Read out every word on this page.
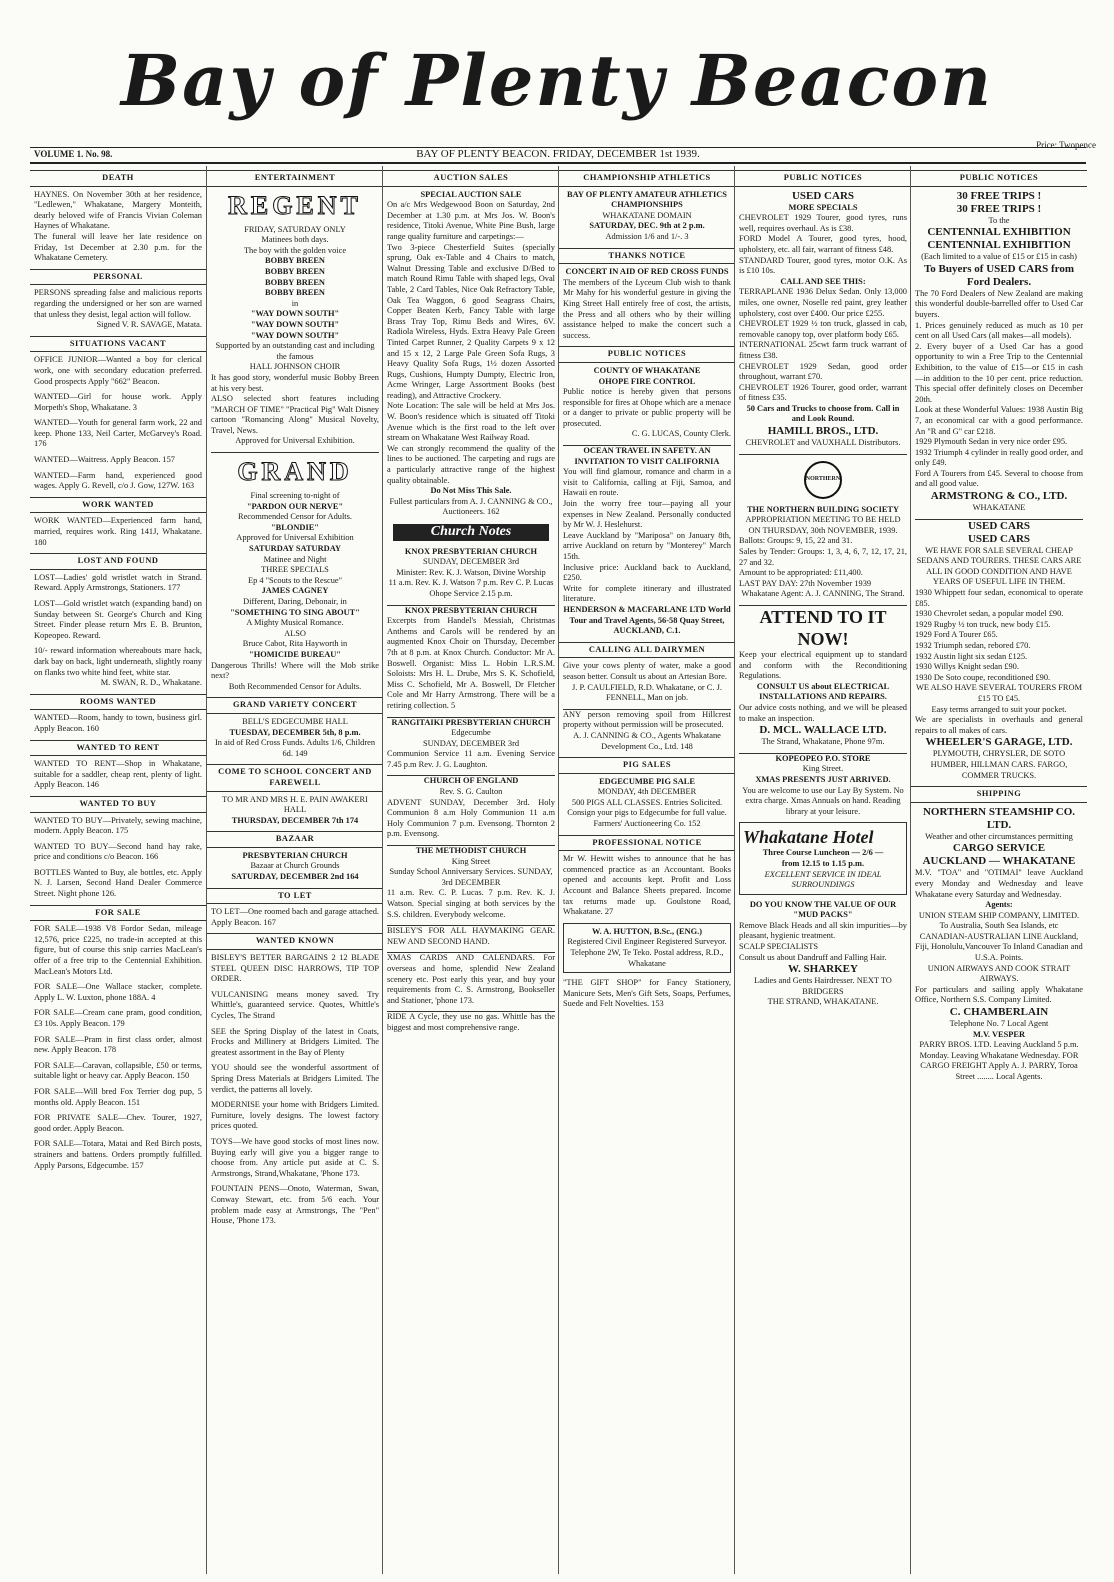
Bay of Plenty Beacon
Price: Twopence
VOLUME 1. No. 98.	BAY OF PLENTY BEACON. FRIDAY, DECEMBER 1st 1939.
DEATH

HAYNES. On November 30th at her residence, "Ledlewen," Whakatane, Margery Monteith, dearly beloved wife of Francis Vivian Coleman Haynes of Whakatane.

The funeral will leave her late residence on Friday, 1st December at 2.30 p.m. for the Whakatane Cemetery.

PERSONAL

PERSONS spreading false and malicious reports regarding the undersigned or her son are warned that unless they desist, legal action will follow.

Signed V. R. SAVAGE, Matata.

SITUATIONS VACANT

OFFICE JUNIOR—Wanted a boy for clerical work, one with secondary education preferred. Good prospects Apply "662" Beacon.

WANTED—Girl for house work. Apply Morpeth's Shop, Whakatane. 3

WANTED—Youth for general farm work, 22 and keep. Phone 133, Neil Carter, McGarvey's Road. 176

WANTED—Waitress. Apply Beacon. 157

WANTED—Farm hand, experienced good wages. Apply G. Revell, c/o J. Gow, 127W. 163

WORK WANTED

WORK WANTED—Experienced farm hand, married, requires work. Ring 141J, Whakatane. 180

LOST AND FOUND

LOST—Ladies' gold wristlet watch in Strand. Reward. Apply Armstrongs, Stationers. 177

LOST—Gold wristlet watch (expanding band) on Sunday between St. George's Church and King Street. Finder please return Mrs E. B. Brunton, Kopeopeo. Reward.

10/- reward information whereabouts mare hack, dark bay on back, light underneath, slightly roany on flanks two white hind feet, white star.

M. SWAN, R. D., Whakatane.

ROOMS WANTED

WANTED—Room, handy to town, business girl. Apply Beacon. 160

WANTED TO RENT

WANTED TO RENT—Shop in Whakatane, suitable for a saddler, cheap rent, plenty of light. Apply Beacon. 146

WANTED TO BUY

WANTED TO BUY—Privately, sewing machine, modern. Apply Beacon. 175

WANTED TO BUY—Second hand hay rake, price and conditions c/o Beacon. 166

BOTTLES Wanted to Buy, ale bottles, etc. Apply N. J. Larsen, Second Hand Dealer Commerce Street. Night phone 126.

FOR SALE

FOR SALE—1938 V8 Fordor Sedan, mileage 12,576, price £225, no trade-in accepted at this figure, but of course this snip carries MacLean's offer of a free trip to the Centennial Exhibition. MacLean's Motors Ltd.

FOR SALE—One Wallace stacker, complete. Apply L. W. Luxton, phone 188A. 4

FOR SALE—Cream cane pram, good condition, £3 10s. Apply Beacon. 179

FOR SALE—Pram in first class order, almost new. Apply Beacon. 178

FOR SALE—Caravan, collapsible, £50 or terms, suitable light or heavy car. Apply Beacon. 150

FOR SALE—Will bred Fox Terrier dog pup, 5 months old. Apply Beacon. 151

FOR PRIVATE SALE—Chev. Tourer, 1927, good order. Apply Beacon.

FOR SALE—Totara, Matai and Red Birch posts, strainers and battens. Orders promptly fulfilled. Apply Parsons, Edgecumbe. 157

ENTERTAINMENT
REGENT

FRIDAY, SATURDAY ONLY

Matinees both days.

The boy with the golden voice

BOBBY BREEN

BOBBY BREEN

BOBBY BREEN

BOBBY BREEN

in

"WAY DOWN SOUTH"

"WAY DOWN SOUTH"

"WAY DOWN SOUTH"

Supported by an outstanding cast and including the famous

HALL JOHNSON CHOIR

It has good story, wonderful music Bobby Breen at his very best.

ALSO selected short features including "MARCH OF TIME" "Practical Pig" Walt Disney cartoon "Romancing Along" Musical Novelty, Travel, News.

Approved for Universal Exhibition.

GRAND

Final screening to-night of

"PARDON OUR NERVE"

Recommended Censor for Adults.

"BLONDIE"

Approved for Universal Exhibition

SATURDAY SATURDAY

Matinee and Night

THREE SPECIALS

Ep 4 "Scouts to the Rescue"

JAMES CAGNEY

Different, Daring, Debonair, in

"SOMETHING TO SING ABOUT"

A Mighty Musical Romance.

ALSO

Bruce Cabot, Rita Hayworth in

"HOMICIDE BUREAU"

Dangerous Thrills! Where will the Mob strike next?

Both Recommended Censor for Adults.

GRAND VARIETY CONCERT

BELL'S EDGECUMBE HALL

TUESDAY, DECEMBER 5th, 8 p.m.

In aid of Red Cross Funds. Adults 1/6, Children 6d. 149

COME TO SCHOOL CONCERT AND FAREWELL

TO MR AND MRS H. E. PAIN AWAKERI HALL

THURSDAY, DECEMBER 7th 174

BAZAAR

PRESBYTERIAN CHURCH

Bazaar at Church Grounds

SATURDAY, DECEMBER 2nd 164

TO LET

TO LET—One roomed bach and garage attached. Apply Beacon. 167

WANTED KNOWN

BISLEY'S BETTER BARGAINS 2 12 BLADE STEEL QUEEN DISC HARROWS, TIP TOP ORDER.

VULCANISING means money saved. Try Whittle's, guaranteed service. Quotes, Whittle's Cycles, The Strand

SEE the Spring Display of the latest in Coats, Frocks and Millinery at Bridgers Limited. The greatest assortment in the Bay of Plenty

YOU should see the wonderful assortment of Spring Dress Materials at Bridgers Limited. The verdict, the patterns all lovely.

MODERNISE your home with Bridgers Limited. Furniture, lovely designs. The lowest factory prices quoted.

TOYS—We have good stocks of most lines now. Buying early will give you a bigger range to choose from. Any article put aside at C. S. Armstrongs, Strand,Whakatane, 'Phone 173.

FOUNTAIN PENS—Onoto, Waterman, Swan, Conway Stewart, etc. from 5/6 each. Your problem made easy at Armstrongs, The "Pen" House, 'Phone 173.

AUCTION SALES

SPECIAL AUCTION SALE

On a/c Mrs Wedgewood Boon on Saturday, 2nd December at 1.30 p.m. at Mrs Jos. W. Boon's residence, Titoki Avenue, White Pine Bush, large range quality furniture and carpetings:—

Two 3-piece Chesterfield Suites (specially sprung, Oak ex-Table and 4 Chairs to match, Walnut Dressing Table and exclusive D/Bed to match Round Rimu Table with shaped legs, Oval Table, 2 Card Tables, Nice Oak Refractory Table, Oak Tea Waggon, 6 good Seagrass Chairs, Copper Beaten Kerb, Fancy Table with large Brass Tray Top, Rimu Beds and Wires, 6V. Radiola Wireless, Hyds. Extra Heavy Pale Green Tinted Carpet Runner, 2 Quality Carpets 9 x 12 and 15 x 12, 2 Large Pale Green Sofa Rugs, 3 Heavy Quality Sofa Rugs, 1½ dozen Assorted Rugs, Cushions, Humpty Dumpty, Electric Iron, Acme Wringer, Large Assortment Books (best reading), and Attractive Crockery.

Note Location: The sale will be held at Mrs Jos. W. Boon's residence which is situated off Titoki Avenue which is the first road to the left over stream on Whakatane West Railway Road.

We can strongly recommend the quality of the lines to be auctioned. The carpeting and rugs are a particularly attractive range of the highest quality obtainable.

Do Not Miss This Sale.

Fullest particulars from A. J. CANNING & CO., Auctioneers. 162

Church Notes

KNOX PRESBYTERIAN CHURCH

SUNDAY, DECEMBER 3rd

Minister: Rev. K. J. Watson, Divine Worship

11 a.m. Rev. K. J. Watson 7 p.m. Rev C. P. Lucas Ohope Service 2.15 p.m.

KNOX PRESBYTERIAN CHURCH

Excerpts from Handel's Messiah, Christmas Anthems and Carols will be rendered by an augmented Knox Choir on Thursday, December 7th at 8 p.m. at Knox Church. Conductor: Mr A. Boswell. Organist: Miss L. Hobin L.R.S.M. Soloists: Mrs H. L. Drube, Mrs S. K. Schofield, Miss C. Schofield, Mr A. Boswell, Dr Fletcher Cole and Mr Harry Armstrong. There will be a retiring collection. 5

RANGITAIKI PRESBYTERIAN CHURCH

Edgecumbe

SUNDAY, DECEMBER 3rd

Communion Service 11 a.m. Evening Service 7.45 p.m Rev. J. G. Laughton.

CHURCH OF ENGLAND

Rev. S. G. Caulton

ADVENT SUNDAY, December 3rd. Holy Communion 8 a.m Holy Communion 11 a.m Holy Communion 7 p.m. Evensong. Thornton 2 p.m. Evensong.

THE METHODIST CHURCH

King Street

Sunday School Anniversary Services. SUNDAY, 3rd DECEMBER

11 a.m. Rev. C. P. Lucas. 7 p.m. Rev. K. J. Watson. Special singing at both services by the S.S. children. Everybody welcome.

BISLEY'S FOR ALL HAYMAKING GEAR. NEW AND SECOND HAND.

XMAS CARDS AND CALENDARS. For overseas and home, splendid New Zealand scenery etc. Post early this year, and buy your requirements from C. S. Armstrong, Bookseller and Stationer, 'phone 173.

RIDE A Cycle, they use no gas. Whittle has the biggest and most comprehensive range.

CHAMPIONSHIP ATHLETICS

BAY OF PLENTY AMATEUR ATHLETICS CHAMPIONSHIPS

WHAKATANE DOMAIN

SATURDAY, DEC. 9th at 2 p.m.

Admission 1/6 and 1/-. 3

THANKS NOTICE

CONCERT IN AID OF RED CROSS FUNDS

The members of the Lyceum Club wish to thank Mr Mahy for his wonderful gesture in giving the King Street Hall entirely free of cost, the artists, the Press and all others who by their willing assistance helped to make the concert such a success.

PUBLIC NOTICES

COUNTY OF WHAKATANE

OHOPE FIRE CONTROL

Public notice is hereby given that persons responsible for fires at Ohope which are a menace or a danger to private or public property will be prosecuted.

C. G. LUCAS, County Clerk.

OCEAN TRAVEL IN SAFETY. AN INVITATION TO VISIT CALIFORNIA

You will find glamour, romance and charm in a visit to California, calling at Fiji, Samoa, and Hawaii en route.

Join the worry free tour—paying all your expenses in New Zealand. Personally conducted by Mr W. J. Heslehurst.

Leave Auckland by "Mariposa" on January 8th, arrive Auckland on return by "Monterey" March 15th.

Inclusive price: Auckland back to Auckland, £250.

Write for complete itinerary and illustrated literature.

HENDERSON & MACFARLANE LTD World Tour and Travel Agents, 56-58 Quay Street, AUCKLAND, C.1.

CALLING ALL DAIRYMEN

Give your cows plenty of water, make a good season better. Consult us about an Artesian Bore.

J. P. CAULFIELD, R.D. Whakatane, or C. J. FENNELL, Man on job.

ANY person removing spoil from Hillcrest property without permission will be prosecuted.

A. J. CANNING & CO., Agents Whakatane Development Co., Ltd. 148

PIG SALES

EDGECUMBE PIG SALE

MONDAY, 4th DECEMBER

500 PIGS ALL CLASSES. Entries Solicited.

Consign your pigs to Edgecumbe for full value.

Farmers' Auctioneering Co. 152

PROFESSIONAL NOTICE

Mr W. Hewitt wishes to announce that he has commenced practice as an Accountant. Books opened and accounts kept. Profit and Loss Account and Balance Sheets prepared. Income tax returns made up. Goulstone Road, Whakatane. 27

W. A. HUTTON, B.Sc., (ENG.)

Registered Civil Engineer Registered Surveyor.

Telephone 2W, Te Teko. Postal address, R.D., Whakatane

"THE GIFT SHOP" for Fancy Stationery, Manicure Sets, Men's Gift Sets, Soaps, Perfumes, Suede and Felt Novelties. 153

PUBLIC NOTICES

USED CARS

MORE SPECIALS

CHEVROLET 1929 Tourer, good tyres, runs well, requires overhaul. As is £38.

FORD Model A Tourer, good tyres, hood, upholstery, etc. all fair, warrant of fitness £48.

STANDARD Tourer, good tyres, motor O.K. As is £10 10s.

CALL AND SEE THIS:

TERRAPLANE 1936 Delux Sedan. Only 13,000 miles, one owner, Noselle red paint, grey leather upholstery, cost over £400. Our price £255.

CHEVROLET 1929 ½ ton truck, glassed in cab, removable canopy top, over platform body £65.

INTERNATIONAL 25cwt farm truck warrant of fitness £38.

CHEVROLET 1929 Sedan, good order throughout, warrant £70.

CHEVROLET 1926 Tourer, good order, warrant of fitness £35.

50 Cars and Trucks to choose from. Call in and Look Round.

HAMILL BROS., LTD.

CHEVROLET and VAUXHALL Distributors.

NORTHERN

THE NORTHERN BUILDING SOCIETY

APPROPRIATION MEETING TO BE HELD ON THURSDAY, 30th NOVEMBER, 1939.

Ballots: Groups: 9, 15, 22 and 31.

Sales by Tender: Groups: 1, 3, 4, 6, 7, 12, 17, 21, 27 and 32.

Amount to be appropriated: £11,400.

LAST PAY DAY: 27th November 1939

Whakatane Agent: A. J. CANNING, The Strand.

ATTEND TO IT NOW!

Keep your electrical equipment up to standard and conform with the Reconditioning Regulations.

CONSULT US about ELECTRICAL INSTALLATIONS AND REPAIRS.

Our advice costs nothing, and we will be pleased to make an inspection.

D. MCL. WALLACE LTD.

The Strand, Whakatane, Phone 97m.

KOPEOPEO P.O. STORE

King Street.

XMAS PRESENTS JUST ARRIVED.

You are welcome to use our Lay By System. No extra charge. Xmas Annuals on hand. Reading library at your leisure.

Whakatane Hotel

Three Course Luncheon — 2/6 —

from 12.15 to 1.15 p.m.

EXCELLENT SERVICE IN IDEAL SURROUNDINGS

DO YOU KNOW THE VALUE OF OUR "MUD PACKS"

Remove Black Heads and all skin impurities—by pleasant, hygienic treatment.

SCALP SPECIALISTS

Consult us about Dandruff and Falling Hair.

W. SHARKEY

Ladies and Gents Hairdresser. NEXT TO BRIDGERS

THE STRAND, WHAKATANE.

PUBLIC NOTICES

30 FREE TRIPS !

30 FREE TRIPS !

To the

CENTENNIAL EXHIBITION

CENTENNIAL EXHIBITION

(Each limited to a value of £15 or £15 in cash)

To Buyers of USED CARS from Ford Dealers.

The 70 Ford Dealers of New Zealand are making this wonderful double-barrelled offer to Used Car buyers.

1. Prices genuinely reduced as much as 10 per cent on all Used Cars (all makes—all models).

2. Every buyer of a Used Car has a good opportunity to win a Free Trip to the Centennial Exhibition, to the value of £15—or £15 in cash —in addition to the 10 per cent. price reduction. This special offer definitely closes on December 20th.

Look at these Wonderful Values: 1938 Austin Big 7, an economical car with a good performance. An "R and G" car £218.

1929 Plymouth Sedan in very nice order £95.

1932 Triumph 4 cylinder in really good order, and only £49.

Ford A Tourers from £45. Several to choose from and all good value.

ARMSTRONG & CO., LTD.

WHAKATANE

USED CARS

USED CARS

WE HAVE FOR SALE SEVERAL CHEAP SEDANS AND TOURERS. THESE CARS ARE ALL IN GOOD CONDITION AND HAVE YEARS OF USEFUL LIFE IN THEM.

1930 Whippett four sedan, economical to operate £85.

1930 Chevrolet sedan, a popular model £90.

1929 Rugby ½ ton truck, new body £15.

1929 Ford A Tourer £65.

1932 Triumph sedan, rebored £70.

1932 Austin light six sedan £125.

1930 Willys Knight sedan £90.

1930 De Soto coupe, reconditioned £90.

WE ALSO HAVE SEVERAL TOURERS FROM £15 TO £45.

Easy terms arranged to suit your pocket.

We are specialists in overhauls and general repairs to all makes of cars.

WHEELER'S GARAGE, LTD.

PLYMOUTH, CHRYSLER, DE SOTO HUMBER, HILLMAN CARS. FARGO, COMMER TRUCKS.

SHIPPING

NORTHERN STEAMSHIP CO. LTD.

Weather and other circumstances permitting

CARGO SERVICE

AUCKLAND — WHAKATANE

M.V. "TOA" and "OTIMAI" leave Auckland every Monday and Wednesday and leave Whakatane every Saturday and Wednesday.

Agents:

UNION STEAM SHIP COMPANY, LIMITED.

To Australia, South Sea Islands, etc CANADIAN-AUSTRALIAN LINE Auckland, Fiji, Honolulu,Vancouver To Inland Canadian and U.S.A. Points.

UNION AIRWAYS AND COOK STRAIT AIRWAYS.

For particulars and sailing apply Whakatane Office, Northern S.S. Company Limited.

C. CHAMBERLAIN

Telephone No. 7 Local Agent

M.V. VESPER

PARRY BROS. LTD. Leaving Auckland 5 p.m. Monday. Leaving Whakatane Wednesday. FOR CARGO FREIGHT Apply A. J. PARRY, Toroa Street ........ Local Agents.
